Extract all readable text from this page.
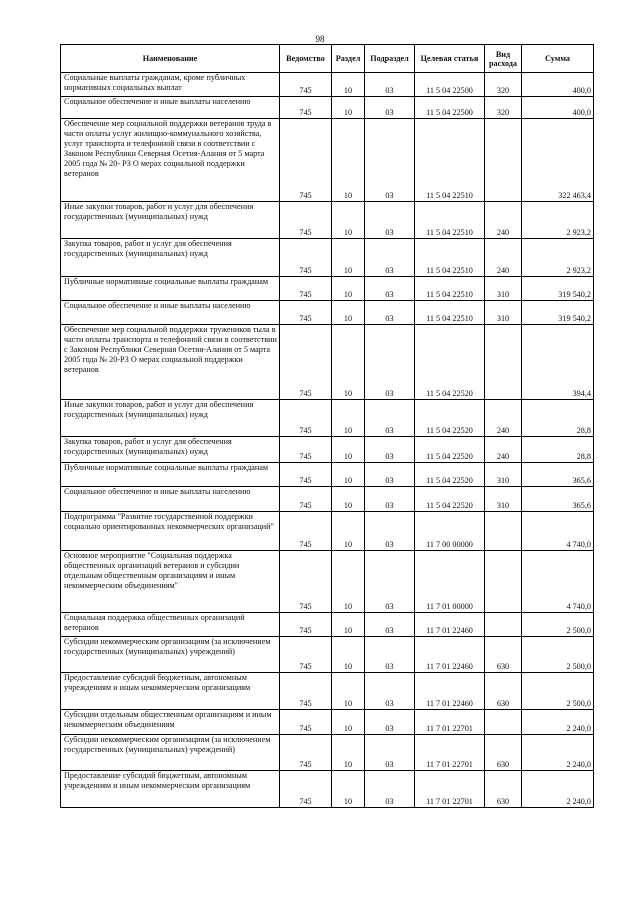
98
Наименование	Ведомство	Раздел	Подраздел	Целевая статья	Вид расхода	Сумма
Социальные выплаты гражданам, кроме публичных нормативных социальных выплат	745	10	03	11 5 04 22500	320	400,0
Социальное обеспечение и иные выплаты населению	745	10	03	11 5 04 22500	320	400,0
Обеспечение мер социальной поддержки ветеранов труда в части оплаты услуг жилищно-коммунального хозяйства, услуг транспорта и телефонной связи в соответствии с Законом Республики Северная Осетия-Алания от 5 марта 2005 года № 20- РЗ О мерах социальной поддержки ветеранов	745	10	03	11 5 04 22510		322 463,4
Иные закупки товаров, работ и услуг для обеспечения государственных (муниципальных) нужд	745	10	03	11 5 04 22510	240	2 923,2
Закупка товаров, работ и услуг для обеспечения государственных (муниципальных) нужд	745	10	03	11 5 04 22510	240	2 923,2
Публичные нормативные социальные выплаты гражданам	745	10	03	11 5 04 22510	310	319 540,2
Социальное обеспечение и иные выплаты населению	745	10	03	11 5 04 22510	310	319 540,2
Обеспечение мер социальной поддержки тружеников тыла в части оплаты транспорта и телефонной связи в соответствии с Законом Республики Северная Осетия-Алания от 5 марта 2005 года № 20-РЗ О мерах социальной поддержки ветеранов	745	10	03	11 5 04 22520		394,4
Иные закупки товаров, работ и услуг для обеспечения государственных (муниципальных) нужд	745	10	03	11 5 04 22520	240	28,8
Закупка товаров, работ и услуг для обеспечения государственных (муниципальных) нужд	745	10	03	11 5 04 22520	240	28,8
Публичные нормативные социальные выплаты гражданам	745	10	03	11 5 04 22520	310	365,6
Социальное обеспечение и иные выплаты населению	745	10	03	11 5 04 22520	310	365,6
Подпрограмма "Развитие государственной поддержки социально ориентированных некоммерческих организаций"	745	10	03	11 7 00 00000		4 740,0
Основное мероприятие "Социальная поддержка общественных организаций ветеранов и субсидии отдельным общественным организациям и иным некоммерческим объединениям"	745	10	03	11 7 01 00000		4 740,0
Социальная поддержка общественных организаций ветеранов	745	10	03	11 7 01 22460		2 500,0
Субсидии некоммерческим организациям (за исключением государственных (муниципальных) учреждений)	745	10	03	11 7 01 22460	630	2 500,0
Предоставление субсидий бюджетным, автономным учреждениям и иным некоммерческим организациям	745	10	03	11 7 01 22460	630	2 500,0
Субсидии отдельным общественным организациям и иным некоммерческим объединениям	745	10	03	11 7 01 22701		2 240,0
Субсидии некоммерческим организациям (за исключением государственных (муниципальных) учреждений)	745	10	03	11 7 01 22701	630	2 240,0
Предоставление субсидий бюджетным, автономным учреждениям и иным некоммерческим организациям	745	10	03	11 7 01 22701	630	2 240,0
